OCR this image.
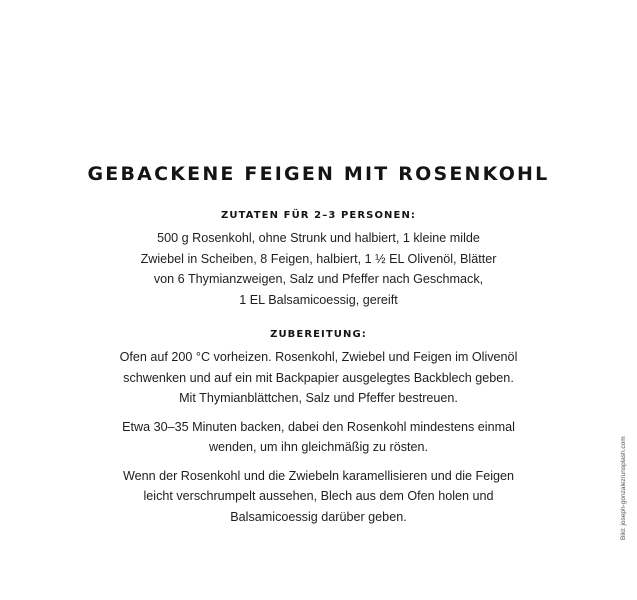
GEBACKENE FEIGEN MIT ROSENKOHL
ZUTATEN FÜR 2–3 PERSONEN:

500 g Rosenkohl, ohne Strunk und halbiert, 1 kleine milde
Zwiebel in Scheiben, 8 Feigen, halbiert, 1 ½ EL Olivenöl, Blätter
von 6 Thymianzweigen, Salz und Pfeffer nach Geschmack,
1 EL Balsamicoessig, gereift

ZUBEREITUNG:

Ofen auf 200 °C vorheizen. Rosenkohl, Zwiebel und Feigen im Olivenöl
schwenken und auf ein mit Backpapier ausgelegtes Backblech geben.
Mit Thymianblättchen, Salz und Pfeffer bestreuen.

Etwa 30–35 Minuten backen, dabei den Rosenkohl mindestens einmal
wenden, um ihn gleichmäßig zu rösten.

Wenn der Rosenkohl und die Zwiebeln karamellisieren und die Feigen
leicht verschrumpelt aussehen, Blech aus dem Ofen holen und
Balsamicoessig darüber geben.	Bild: joseph-gonzalez/unsplash.com
